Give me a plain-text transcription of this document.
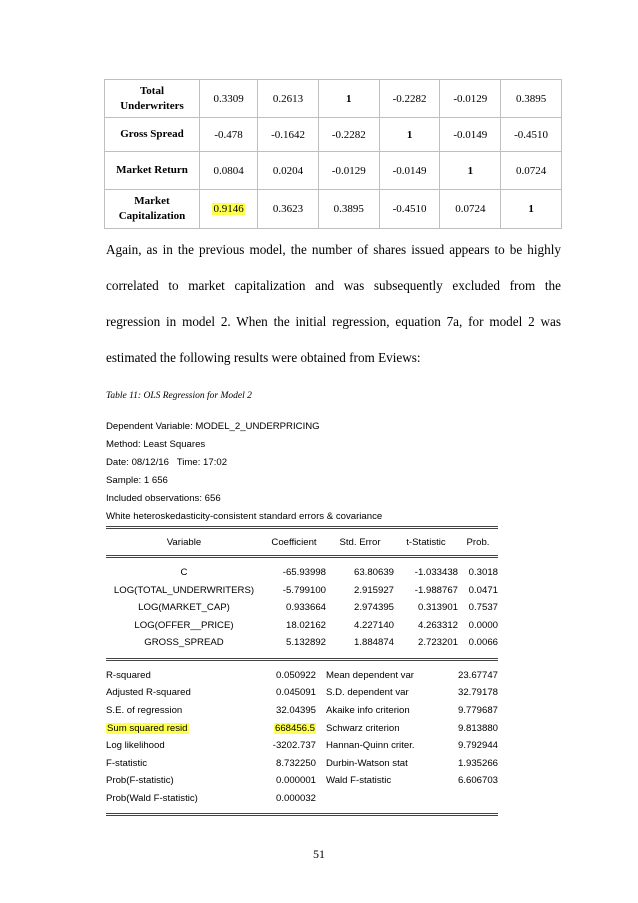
Total Underwriters	0.3309	0.2613	1	-0.2282	-0.0129	0.3895
Gross Spread	-0.478	-0.1642	-0.2282	1	-0.0149	-0.4510
Market Return	0.0804	0.0204	-0.0129	-0.0149	1	0.0724
Market Capitalization	0.9146	0.3623	0.3895	-0.4510	0.0724	1
Again, as in the previous model, the number of shares issued appears to be highly correlated to market capitalization and was subsequently excluded from the regression in model 2. When the initial regression, equation 7a, for model 2 was estimated the following results were obtained from Eviews:
Table 11: OLS Regression for Model 2
Dependent Variable: MODEL_2_UNDERPRICING
Method: Least Squares
Date: 08/12/16   Time: 17:02
Sample: 1 656
Included observations: 656
White heteroskedasticity-consistent standard errors & covariance
Variable	Coefficient	Std. Error	t-Statistic	Prob.
C	-65.93998	63.80639	-1.033438	0.3018
LOG(TOTAL_UNDERWRITERS)	-5.799100	2.915927	-1.988767	0.0471
LOG(MARKET_CAP)	0.933664	2.974395	0.313901	0.7537
LOG(OFFER__PRICE)	18.02162	4.227140	4.263312	0.0000
GROSS_SPREAD	5.132892	1.884874	2.723201	0.0066
R-squared	0.050922	Mean dependent var	23.67747
Adjusted R-squared	0.045091	S.D. dependent var	32.79178
S.E. of regression	32.04395	Akaike info criterion	9.779687
Sum squared resid	668456.5	Schwarz criterion	9.813880
Log likelihood	-3202.737	Hannan-Quinn criter.	9.792944
F-statistic	8.732250	Durbin-Watson stat	1.935266
Prob(F-statistic)	0.000001	Wald F-statistic	6.606703
Prob(Wald F-statistic)	0.000032
51
